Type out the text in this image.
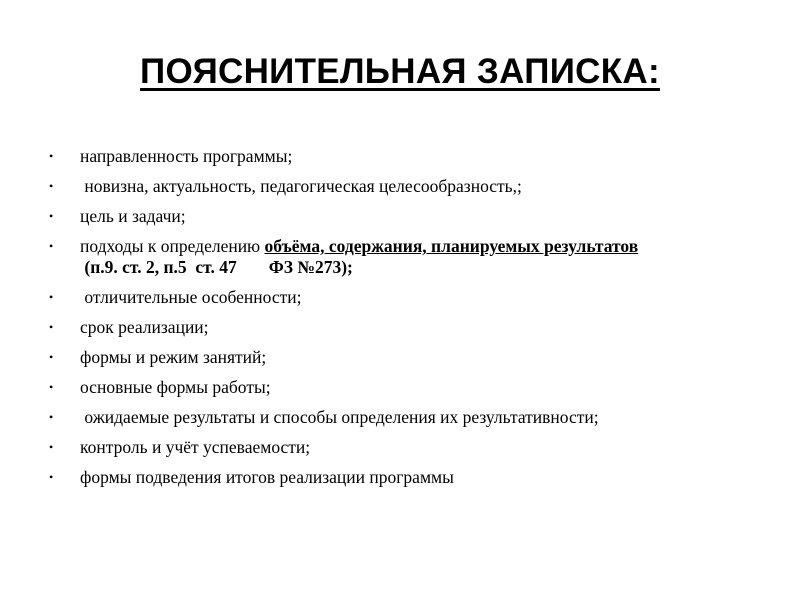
ПОЯСНИТЕЛЬНАЯ ЗАПИСКА:
• направленность программы;
• новизна, актуальность, педагогическая целесообразность,;
• цель и задачи;
• подходы к определению объёма, содержания, планируемых результатов (п.9. ст. 2, п.5  ст. 47 ФЗ №273);
• отличительные особенности;
• срок реализации;
• формы и режим занятий;
• основные формы работы;
• ожидаемые результаты и способы определения их результативности;
• контроль и учёт успеваемости;
• формы подведения итогов реализации программы
